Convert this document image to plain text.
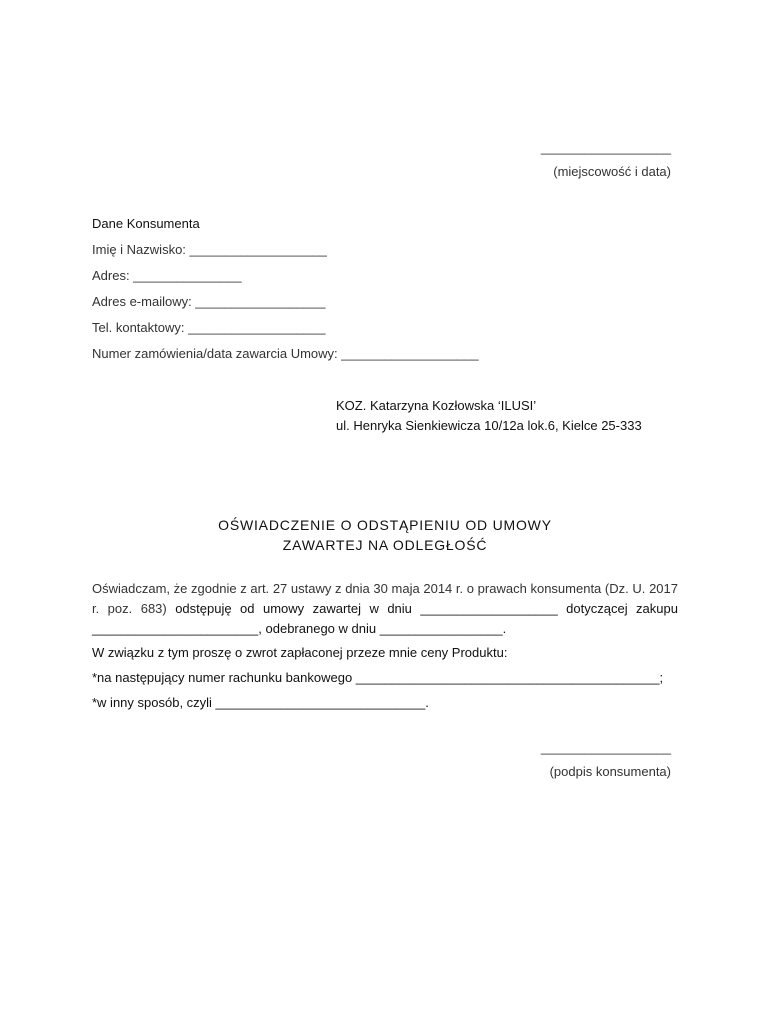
__________________
(miejscowość i data)
Dane Konsumenta
Imię i Nazwisko: ___________________
Adres: _______________
Adres e-mailowy: __________________
Tel. kontaktowy: ___________________
Numer zamówienia/data zawarcia Umowy: ___________________
KOZ. Katarzyna Kozłowska ‘ILUSI’
ul. Henryka Sienkiewicza 10/12a lok.6, Kielce 25-333
OŚWIADCZENIE O ODSTĄPIENIU OD UMOWY
ZAWARTEJ NA ODLEGŁOŚĆ
Oświadczam, że zgodnie z art. 27 ustawy z dnia 30 maja 2014 r. o prawach konsumenta (Dz. U. 2017 r. poz. 683) odstępuję od umowy zawartej w dniu ___________________ dotyczącej zakupu _______________________, odebranego w dniu _________________.
W związku z tym proszę o zwrot zapłaconej przeze mnie ceny Produktu:
*na następujący numer rachunku bankowego __________________________________________;
*w inny sposób, czyli _____________________________.
__________________
(podpis konsumenta)
